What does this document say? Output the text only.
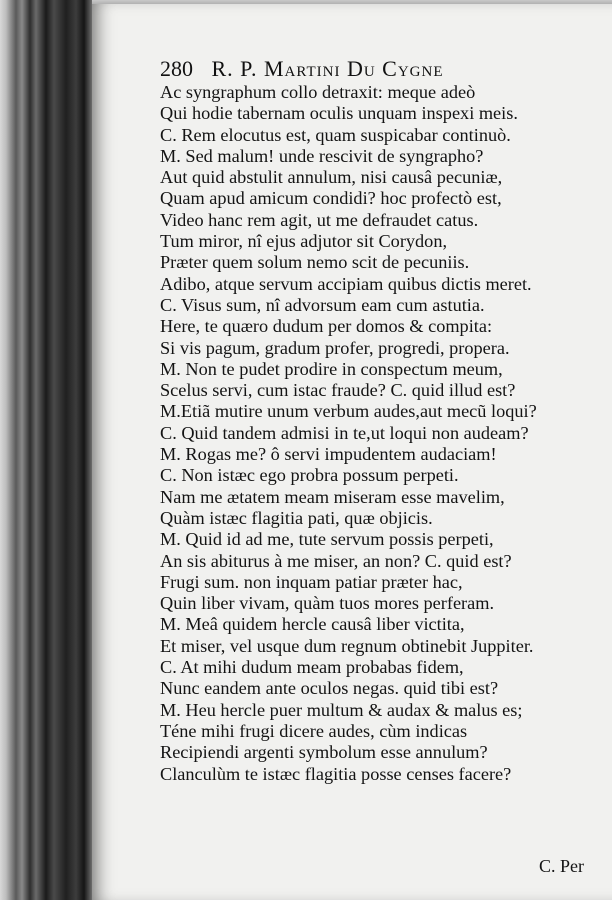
280 R. P. Martini Du Cygne
Ac syngraphum collo detraxit: meque adeò
Qui hodie tabernam oculis unquam inspexi meis.
C. Rem elocutus est, quam suspicabar continuò.
M. Sed malum! unde rescivit de syngrapho?
Aut quid abstulit annulum, nisi causâ pecuniæ,
Quam apud amicum condidi? hoc profectò est,
Video hanc rem agit, ut me defraudet catus.
Tum miror, nî ejus adjutor sit Corydon,
Præter quem solum nemo scit de pecuniis.
Adibo, atque servum accipiam quibus dictis meret.
C. Visus sum, nî advorsum eam cum astutia.
Here, te quæro dudum per domos & compita:
Si vis pagum, gradum profer, progredi, propera.
M. Non te pudet prodire in conspectum meum,
Scelus servi, cum istac fraude? C. quid illud est?
M.Etiã mutire unum verbum audes,aut mecũ loqui?
C. Quid tandem admisi in te,ut loqui non audeam?
M. Rogas me? ô servi impudentem audaciam!
C. Non istæc ego probra possum perpeti.
Nam me ætatem meam miseram esse mavelim,
Quàm istæc flagitia pati, quæ objicis.
M. Quid id ad me, tute servum possis perpeti,
An sis abiturus à me miser, an non? C. quid est?
Frugi sum. non inquam patiar præter hac,
Quin liber vivam, quàm tuos mores perferam.
M. Meâ quidem hercle causâ liber victita,
Et miser, vel usque dum regnum obtinebit Juppiter.
C. At mihi dudum meam probabas fidem,
Nunc eandem ante oculos negas. quid tibi est?
M. Heu hercle puer multum & audax & malus es;
Téne mihi frugi dicere audes, cùm indicas
Recipiendi argenti symbolum esse annulum?
Clanculùm te istæc flagitia posse censes facere?
C. Per
